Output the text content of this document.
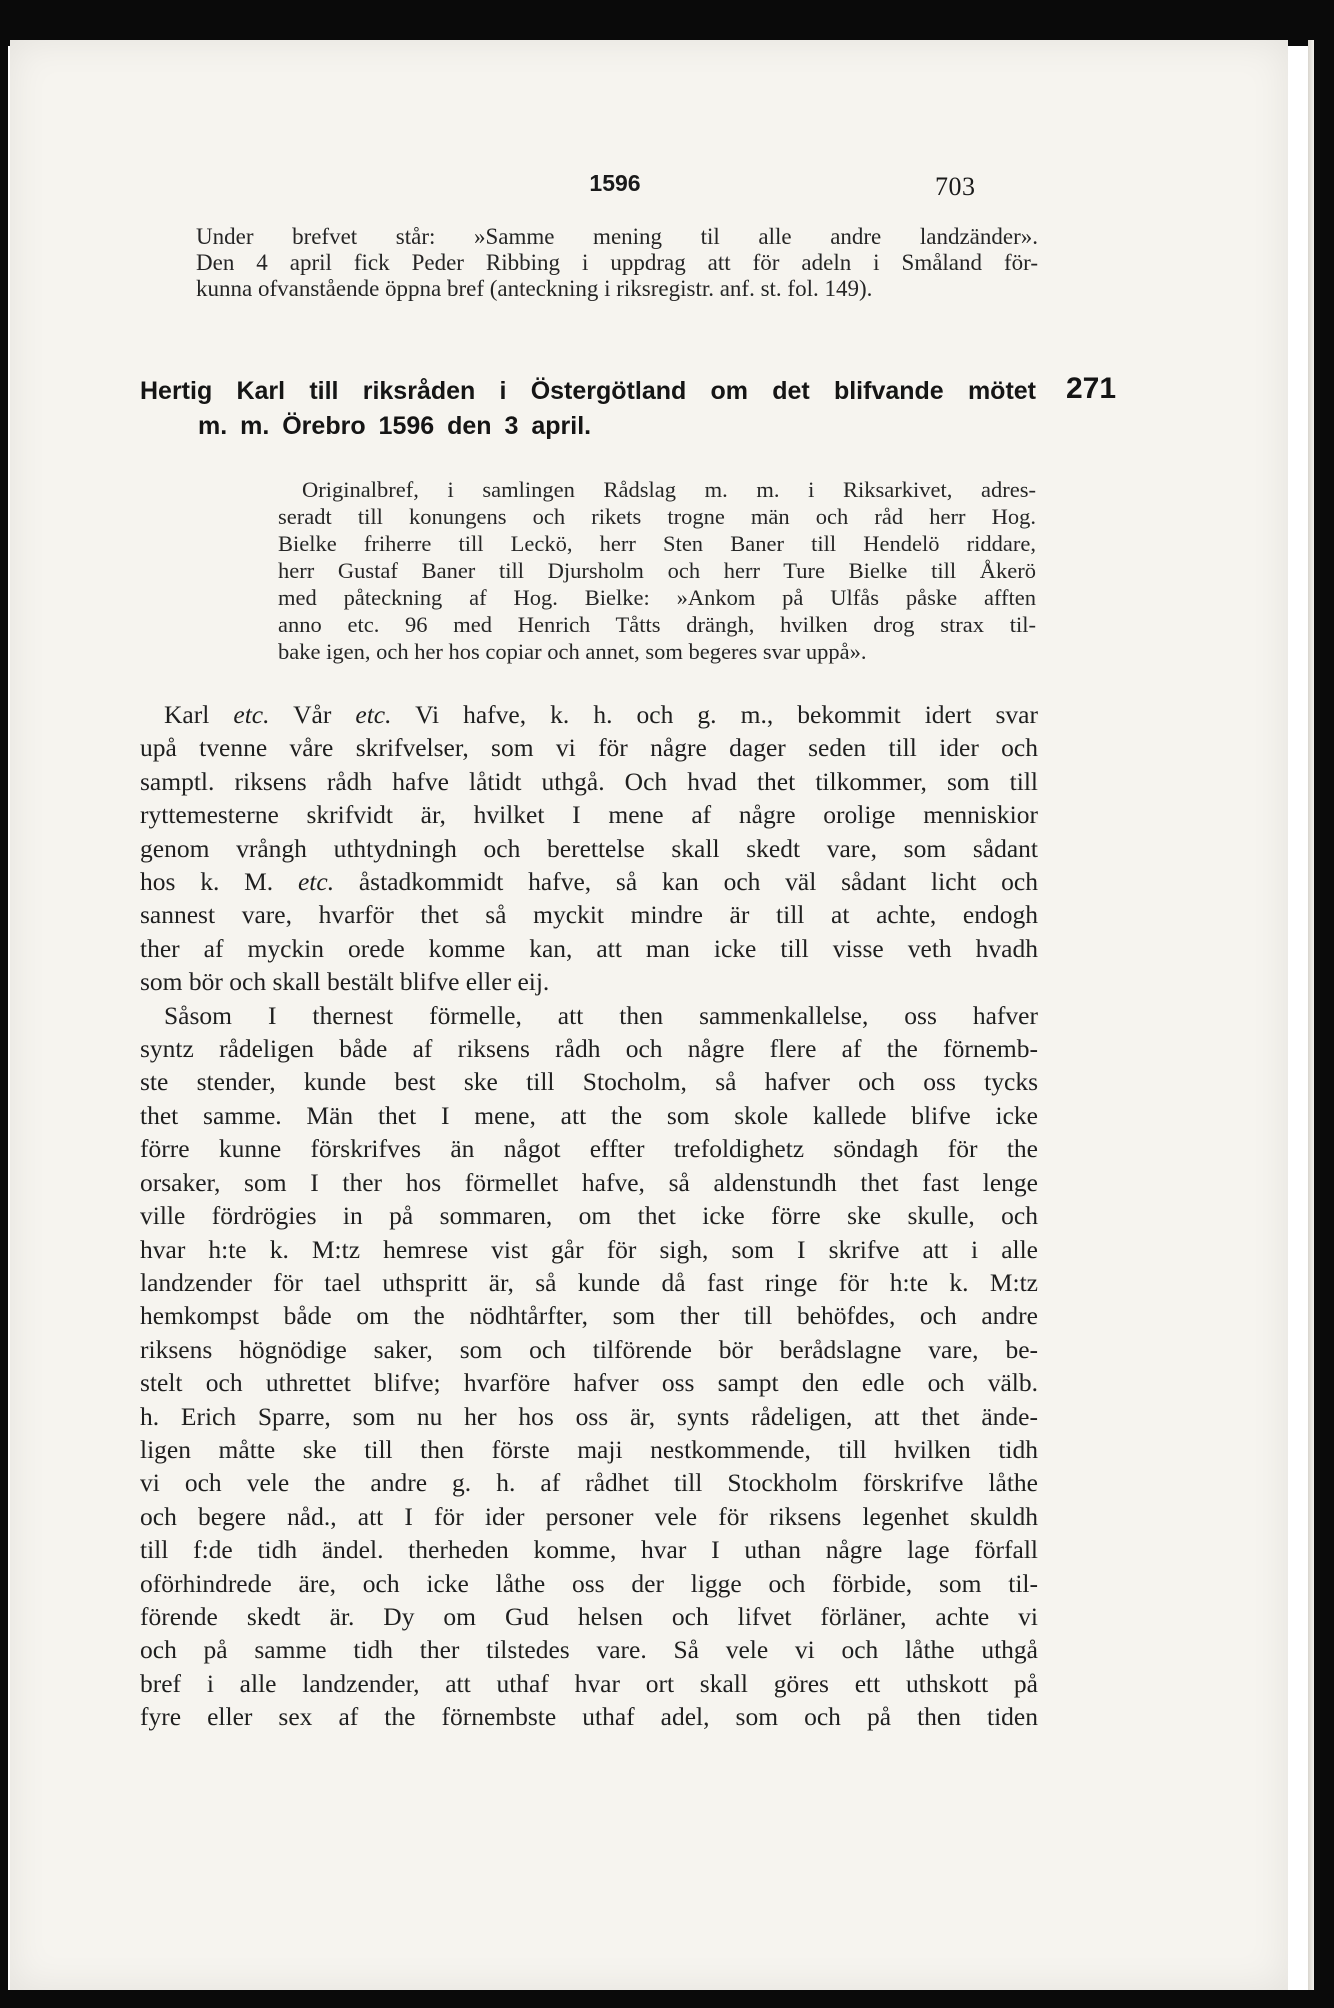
1596	703
Under brefvet står: »Samme mening til alle andre landzänder».
Den 4 april fick Peder Ribbing i uppdrag att för adeln i Småland för-
kunna ofvanstående öppna bref (anteckning i riksregistr. anf. st. fol. 149).
Hertig Karl till riksråden i Östergötland om det blifvande mötet
m. m. Örebro 1596 den 3 april.
271
Originalbref, i samlingen Rådslag m. m. i Riksarkivet, adres-
seradt till konungens och rikets trogne män och råd herr Hog.
Bielke friherre till Leckö, herr Sten Baner till Hendelö riddare,
herr Gustaf Baner till Djursholm och herr Ture Bielke till Åkerö
med påteckning af Hog. Bielke: »Ankom på Ulfås påske afften
anno etc. 96 med Henrich Tåtts drängh, hvilken drog strax til-
bake igen, och her hos copiar och annet, som begeres svar uppå».
Karl etc. Vår etc. Vi hafve, k. h. och g. m., bekommit idert svar
upå tvenne våre skrifvelser, som vi för någre dager seden till ider och
samptl. riksens rådh hafve låtidt uthgå. Och hvad thet tilkommer, som till
ryttemesterne skrifvidt är, hvilket I mene af någre orolige menniskior
genom vrångh uthtydningh och berettelse skall skedt vare, som sådant
hos k. M. etc. åstadkommidt hafve, så kan och väl sådant licht och
sannest vare, hvarför thet så myckit mindre är till at achte, endogh
ther af myckin orede komme kan, att man icke till visse veth hvadh
som bör och skall bestält blifve eller eij.
Såsom I thernest förmelle, att then sammenkallelse, oss hafver
syntz rådeligen både af riksens rådh och någre flere af the förnemb-
ste stender, kunde best ske till Stocholm, så hafver och oss tycks
thet samme. Män thet I mene, att the som skole kallede blifve icke
förre kunne förskrifves än något effter trefoldighetz söndagh för the
orsaker, som I ther hos förmellet hafve, så aldenstundh thet fast lenge
ville fördrögies in på sommaren, om thet icke förre ske skulle, och
hvar h:te k. M:tz hemrese vist går för sigh, som I skrifve att i alle
landzender för tael uthspritt är, så kunde då fast ringe för h:te k. M:tz
hemkompst både om the nödhtårfter, som ther till behöfdes, och andre
riksens högnödige saker, som och tilförende bör berådslagne vare, be-
stelt och uthrettet blifve; hvarföre hafver oss sampt den edle och välb.
h. Erich Sparre, som nu her hos oss är, synts rådeligen, att thet ände-
ligen måtte ske till then förste maji nestkommende, till hvilken tidh
vi och vele the andre g. h. af rådhet till Stockholm förskrifve låthe
och begere nåd., att I för ider personer vele för riksens legenhet skuldh
till f:de tidh ändel. therheden komme, hvar I uthan någre lage förfall
oförhindrede äre, och icke låthe oss der ligge och förbide, som til-
förende skedt är. Dy om Gud helsen och lifvet förläner, achte vi
och på samme tidh ther tilstedes vare. Så vele vi och låthe uthgå
bref i alle landzender, att uthaf hvar ort skall göres ett uthskott på
fyre eller sex af the förnembste uthaf adel, som och på then tiden
